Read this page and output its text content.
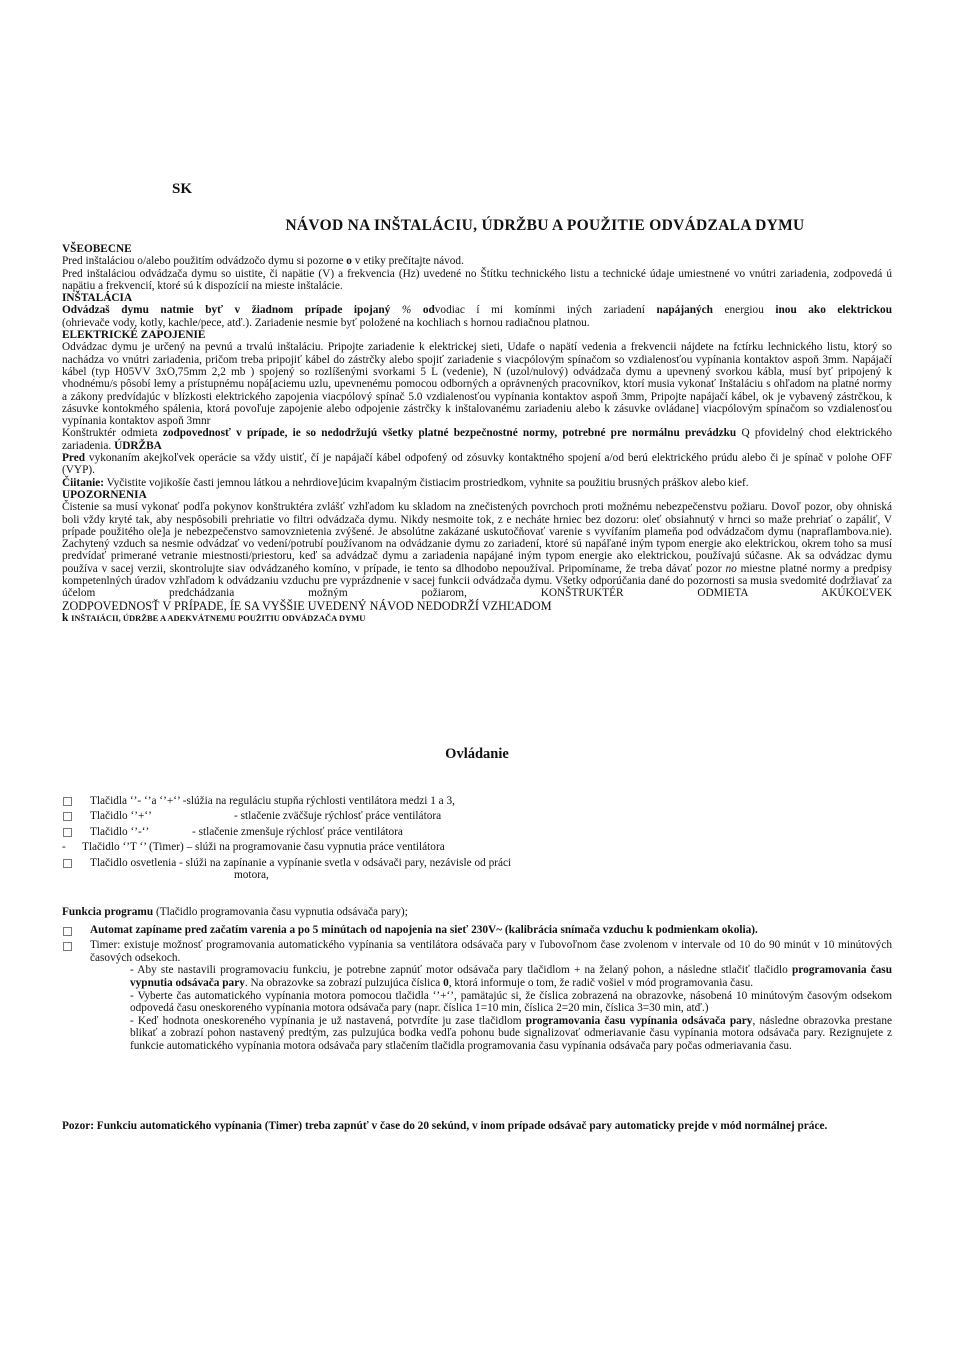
SK
NÁVOD NA INŠTALÁCIU, ÚDRŽBU A POUŽITIE ODVÁDZALA DYMU
VŠEOBECNE

Pred inštaláciou o/alebo použitím odvádzočo dymu si pozorne o v etiky prečítajte návod.

Pred inštaláciou odvádzača dymu so uistite, či napätie (V) a frekvencia (Hz) uvedené no Štítku technického listu a technické údaje umiestnené vo vnútri zariadenia, zodpovedá ú napätiu a frekvencií, ktoré sú k dispozícií na mieste inštalácie.

INŠTALÁCIA

Odvádzaš dymu natmie byť v žiadnom prípade ipojaný % odvodiac í mi komínmi iných zariadení napájaných energiou inou ako elektrickou

(ohrievače vody, kotly, kachle/pece, atď.). Zariadenie nesmie byť položené na kochliach s hornou radiačnou platnou.

ELEKTRICKÉ ZAPOJENIE

Odvádzac dymu je určený na pevnú a trvalú inštaláciu. Pripojte zariadenie k elektrickej sieti, Udafe o napätí vedenia a frekvencii nájdete na fctírku lechnického listu, ktorý so nachádza vo vnútri zariadenia, pričom treba pripojiť kábel do zástrčky alebo spojiť zariadenie s viacpólovým spínačom so vzdialenosťou vypínania kontaktov aspoň 3mm. Napájačí kábel (typ H05VV 3xO,75mm 2,2 mb ) spojený so rozlíšenými svorkami 5 L (vedenie), N (uzol/nulový) odvádzača dymu a upevnený svorkou kábla, musí byť pripojený k vhodnému/s pôsobí lemy a prístupnému nopá[aciemu uzlu, upevnenému pomocou odborných a oprávnených pracovníkov, ktorí musia vykonať Inštaláciu s ohľadom na platné normy a zákony predvídajúc v blízkosti elektrického zapojenia viacpólový spínač 5.0 vzdialenosťou vypínania kontaktov aspoň 3mm, Pripojte napájačí kábel, ok je vybavený zástrčkou, k zásuvke kontokmého spálenia, ktorá povoľuje zapojenie alebo odpojenie zástrčky k inštalovanému zariadeniu alebo k zásuvke ovládane] viacpólovým spínačom so vzdialenosťou vypínania kontaktov aspoň 3mnr

Konštruktér odmieta zodpovednosť v prípade, ie so nedodržujú všetky platné bezpečnostné normy, potrebné pre normálnu prevádzku Q pfovidelný chod elektrického zariadenia. ÚDRŽBA

Pred vykonaním akejkoľvek operácie sa vždy uistiť, čí je napájačí kábel odpofený od zósuvky kontaktného spojení a/od berú elektrického prúdu alebo či je spínač v polohe OFF (VYP).

Čiitanie: Vyčistite vojikošíe časti jemnou látkou a nehrdiove]úcim kvapalným čistiacim prostriedkom, vyhnite sa použitiu brusných práškov alebo kief.

UPOZORNENIA

Čistenie sa musí vykonať podľa pokynov konštruktéra zvlášť vzhľadom ku skladom na znečistených povrchoch proti možnému nebezpečenstvu požiaru. Dovoľ pozor, oby ohniská boli vždy kryté tak, aby nespôsobili prehriatie vo filtri odvádzača dymu. Nikdy nesmoite tok, z e necháte hrniec bez dozoru: oleť obsiahnutý v hrnci so maže prehriať o zapáliť, V prípade použitého ole]a je nebezpečenstvo samovznietenia zvýšené. Je absolútne zakázané uskutočňovať varenie s vyvífaním plameňa pod odvádzačom dymu (napraflambova.nie). Zachytený vzduch sa nesmie odvádzať vo vedení/potrubí používanom na odvádzanie dymu zo zariadení, ktoré sú napáľané iným typom energie ako elektrickou, okrem toho sa musí predvídať primerané vetranie miestnosti/priestoru, keď sa advádzač dymu a zariadenia napájané iným typom energie ako elektrickou, používajú súčasne. Ak sa odvádzac dymu používa v sacej verzii, skontrolujte siav odvádzaného komíno, v prípade, ie tento sa dlhodobo nepoužíval. Pripomíname, že treba dávať pozor no miestne platné normy a predpisy kompetenlných úradov vzhľadom k odvádzaniu vzduchu pre vyprázdnenie v sacej funkcii odvádzača dymu. Všetky odporúčania dané do pozornosti sa musia svedomité dodržiavať za účelom predchádzania možným požiarom, KONŠTRUKTÉR ODMIETA AKÚKOĽVEK

ZODPOVEDNOSŤ V PRÍPADE, ÍE SA VYŠŠIE UVEDENÝ NÁVOD NEDODRŽÍ VZHĽADOM

k INŠTAIÁCII, ÚDRŽBE A ADEKVÁTNEMU POUŽITIU ODVÁDZAČA DYMU

Ovládanie
Tlačidla ‘’- ‘’a ‘’+‘’ -slúžia na reguláciu stupňa rýchlosti ventilátora medzi 1 a 3,
Tlačidlo ‘’+‘’	- stlačenie zväčšuje rýchlosť práce ventilátora
Tlačidlo ‘’-‘’	- stlačenie zmenšuje rýchlosť práce ventilátora
- Tlačidlo ‘’T ‘’ (Timer) – slúži na programovanie času vypnutia práce ventilátora
Tlačidlo osvetlenia - slúži na zapínanie a vypínanie svetla v odsávači pary, nezávisle od práci
motora,
Funkcia programu (Tlačidlo programovania času vypnutia odsávača pary);
Automat zapíname pred začatím varenia a po 5 minútach od napojenia na sieť 230V~ (kalibrácia snímača vzduchu k podmienkam okolia).
Timer: existuje možnosť programovania automatického vypínania sa ventilátora odsávača pary v ľubovoľnom čase zvolenom v intervale od 10 do 90 minút v 10 minútových časových odsekoch.
- Aby ste nastavili programovaciu funkciu, je potrebne zapnúť motor odsávača pary tlačidlom + na želaný pohon, a následne stlačiť tlačidlo programovania času vypnutia odsávača pary. Na obrazovke sa zobrazí pulzujúca číslica 0, ktorá informuje o tom, že radič vošiel v mód programovania času.
- Vyberte čas automatického vypínania motora pomocou tlačidla ‘’+‘’, pamätajúc si, že číslica zobrazená na obrazovke, násobená 10 minútovým časovým odsekom odpovedá času oneskoreného vypínania motora odsávača pary (napr. číslica 1=10 min, číslica 2=20 min, číslica 3=30 min, atď.)
- Keď hodnota oneskoreného vypínania je už nastavená, potvrdíte ju zase tlačidlom programovania času vypínania odsávača pary, následne obrazovka prestane blikať a zobrazí pohon nastavený predtým, zas pulzujúca bodka vedľa pohonu bude signalizovať odmeriavanie času vypínania motora odsávača pary. Rezignujete z funkcie automatického vypínania motora odsávača pary stlačením tlačidla programovania času vypínania odsávača pary počas odmeriavania času.
Pozor: Funkciu automatického vypínania (Timer) treba zapnúť v čase do 20 sekúnd, v inom prípade odsávač pary automaticky prejde v mód normálnej práce.
